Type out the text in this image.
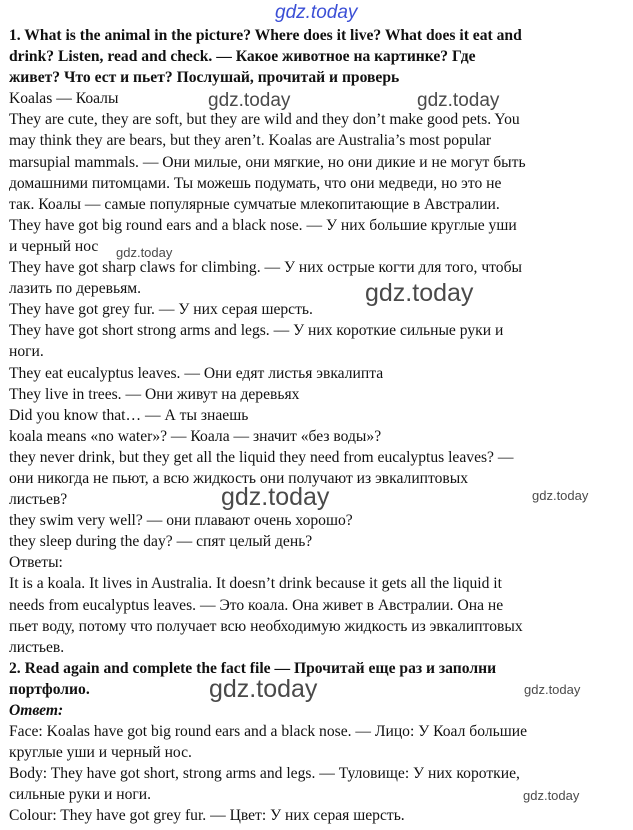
1. What is the animal in the picture? Where does it live? What does it eat and
drink? Listen, read and check. — Какое животное на картинке? Где
живет? Что ест и пьет? Послушай, прочитай и проверь
Koalas — Коалы
They are cute, they are soft, but they are wild and they don’t make good pets. You
may think they are bears, but they aren’t. Koalas are Australia’s most popular
marsupial mammals. — Они милые, они мягкие, но они дикие и не могут быть
домашними питомцами. Ты можешь подумать, что они медведи, но это не
так. Коалы — самые популярные сумчатые млекопитающие в Австралии.
They have got big round ears and a black nose. — У них большие круглые уши
и черный нос
They have got sharp claws for climbing. — У них острые когти для того, чтобы
лазить по деревьям.
They have got grey fur. — У них серая шерсть.
They have got short strong arms and legs. — У них короткие сильные руки и
ноги.
They eat eucalyptus leaves. — Они едят листья эвкалипта
They live in trees. — Они живут на деревьях
Did you know that… — А ты знаешь
koala means «no water»? — Коала — значит «без воды»?
they never drink, but they get all the liquid they need from eucalyptus leaves? —
они никогда не пьют, а всю жидкость они получают из эвкалиптовых
листьев?
they swim very well? — они плавают очень хорошо?
they sleep during the day? — спят целый день?
Ответы:
It is a koala. It lives in Australia. It doesn’t drink because it gets all the liquid it
needs from eucalyptus leaves. — Это коала. Она живет в Австралии. Она не
пьет воду, потому что получает всю необходимую жидкость из эвкалиптовых
листьев.
2. Read again and complete the fact file — Прочитай еще раз и заполни
портфолио.
Ответ:
Face: Koalas have got big round ears and a black nose. — Лицо: У Коал большие
круглые уши и черный нос.
Body: They have got short, strong arms and legs. — Туловище: У них короткие,
сильные руки и ноги.
Colour: They have got grey fur. — Цвет: У них серая шерсть.
gdz.today
gdz.today	gdz.today
gdz.today
gdz.today
gdz.today	gdz.today
gdz.today	gdz.today
gdz.today
